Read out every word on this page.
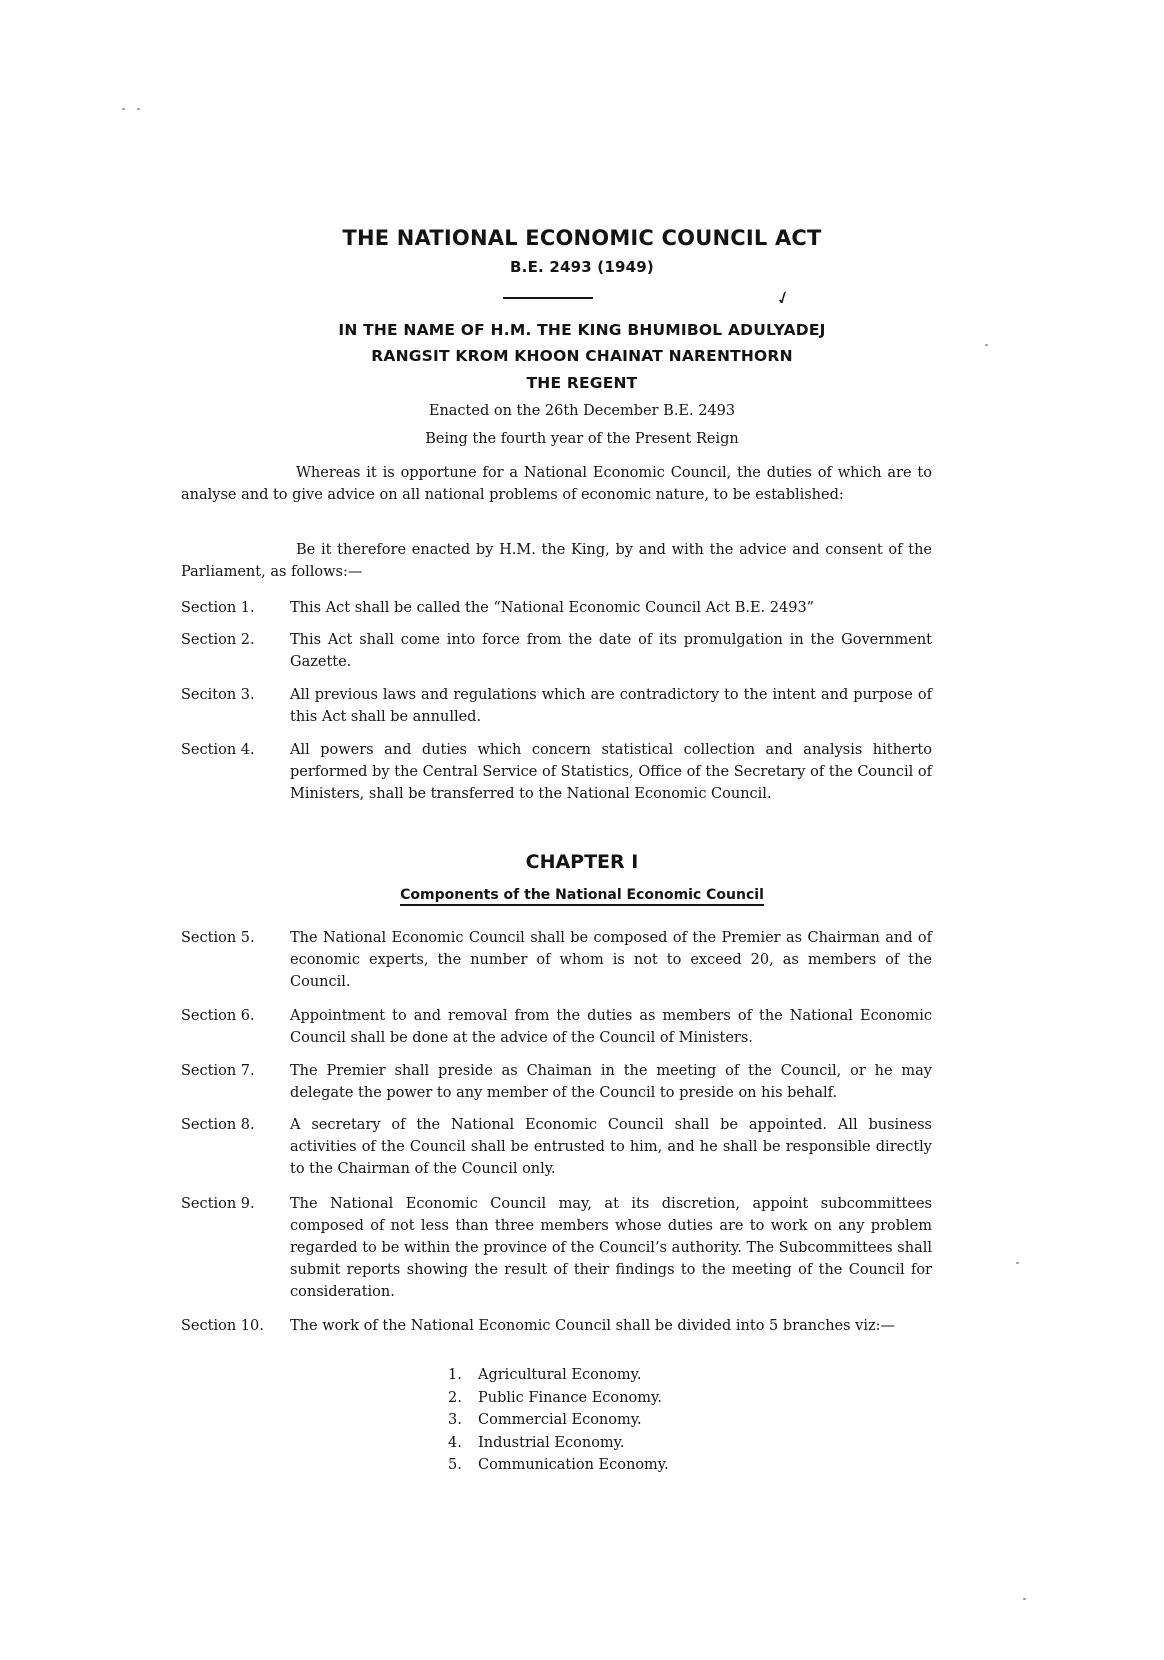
THE NATIONAL ECONOMIC COUNCIL ACT
B.E. 2493 (1949)
✓
IN THE NAME OF H.M. THE KING BHUMIBOL ADULYADEJ
RANGSIT KROM KHOON CHAINAT NARENTHORN
THE REGENT
Enacted on the 26th December B.E. 2493
Being the fourth year of the Present Reign
Whereas it is opportune for a National Economic Council, the duties of which are to analyse and to give advice on all national problems of economic nature, to be established:
Be it therefore enacted by H.M. the King, by and with the advice and consent of the Parliament, as follows:—
Section 1.	This Act shall be called the “National Economic Council Act B.E. 2493”
Section 2.	This Act shall come into force from the date of its promulgation in the Government Gazette.
Seciton 3.	All previous laws and regulations which are contradictory to the intent and purpose of this Act shall be annulled.
Section 4.	All powers and duties which concern statistical collection and analysis hitherto performed by the Central Service of Statistics, Office of the Secretary of the Council of Ministers, shall be transferred to the National Economic Council.
CHAPTER I
Components of the National Economic Council
Section 5.	The National Economic Council shall be composed of the Premier as Chairman and of economic experts, the number of whom is not to exceed 20, as members of the Council.
Section 6.	Appointment to and removal from the duties as members of the National Economic Council shall be done at the advice of the Council of Ministers.
Section 7.	The Premier shall preside as Chaiman in the meeting of the Council, or he may delegate the power to any member of the Council to preside on his behalf.
Section 8.	A secretary of the National Economic Council shall be appointed. All business activities of the Council shall be entrusted to him, and he shall be responsible directly to the Chairman of the Council only.
Section 9.	The National Economic Council may, at its discretion, appoint subcommittees composed of not less than three members whose duties are to work on any problem regarded to be within the province of the Council’s authority. The Subcommittees shall submit reports showing the result of their findings to the meeting of the Council for consideration.
Section 10.	The work of the National Economic Council shall be divided into 5 branches viz:—
1. Agricultural Economy.
2. Public Finance Economy.
3. Commercial Economy.
4. Industrial Economy.
5. Communication Economy.
